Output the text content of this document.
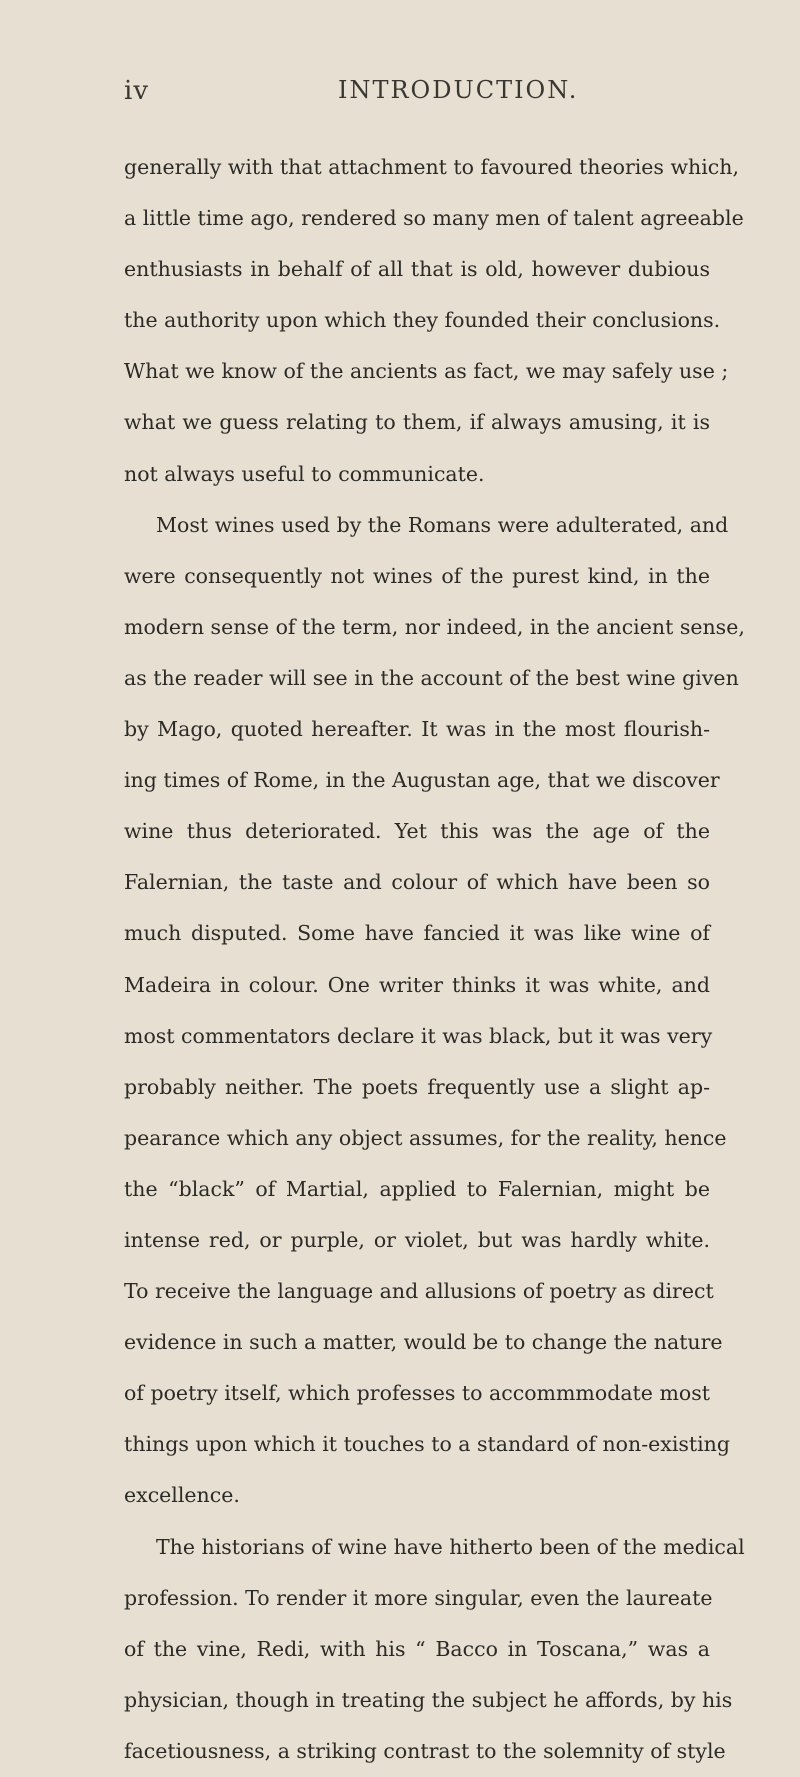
iv	INTRODUCTION.
generally with that attachment to favoured theories which,
a little time ago, rendered so many men of talent agreeable
enthusiasts in behalf of all that is old, however dubious
the authority upon which they founded their conclusions.
What we know of the ancients as fact, we may safely use ;
what we guess relating to them, if always amusing, it is
not always useful to communicate.
Most wines used by the Romans were adulterated, and
were consequently not wines of the purest kind, in the
modern sense of the term, nor indeed, in the ancient sense,
as the reader will see in the account of the best wine given
by Mago, quoted hereafter. It was in the most flourish-
ing times of Rome, in the Augustan age, that we discover
wine thus deteriorated. Yet this was the age of the
Falernian, the taste and colour of which have been so
much disputed. Some have fancied it was like wine of
Madeira in colour. One writer thinks it was white, and
most commentators declare it was black, but it was very
probably neither. The poets frequently use a slight ap-
pearance which any object assumes, for the reality, hence
the “black” of Martial, applied to Falernian, might be
intense red, or purple, or violet, but was hardly white.
To receive the language and allusions of poetry as direct
evidence in such a matter, would be to change the nature
of poetry itself, which professes to accommmodate most
things upon which it touches to a standard of non-existing
excellence.
The historians of wine have hitherto been of the medical
profession. To render it more singular, even the laureate
of the vine, Redi, with his “ Bacco in Toscana,” was a
physician, though in treating the subject he affords, by his
facetiousness, a striking contrast to the solemnity of style
